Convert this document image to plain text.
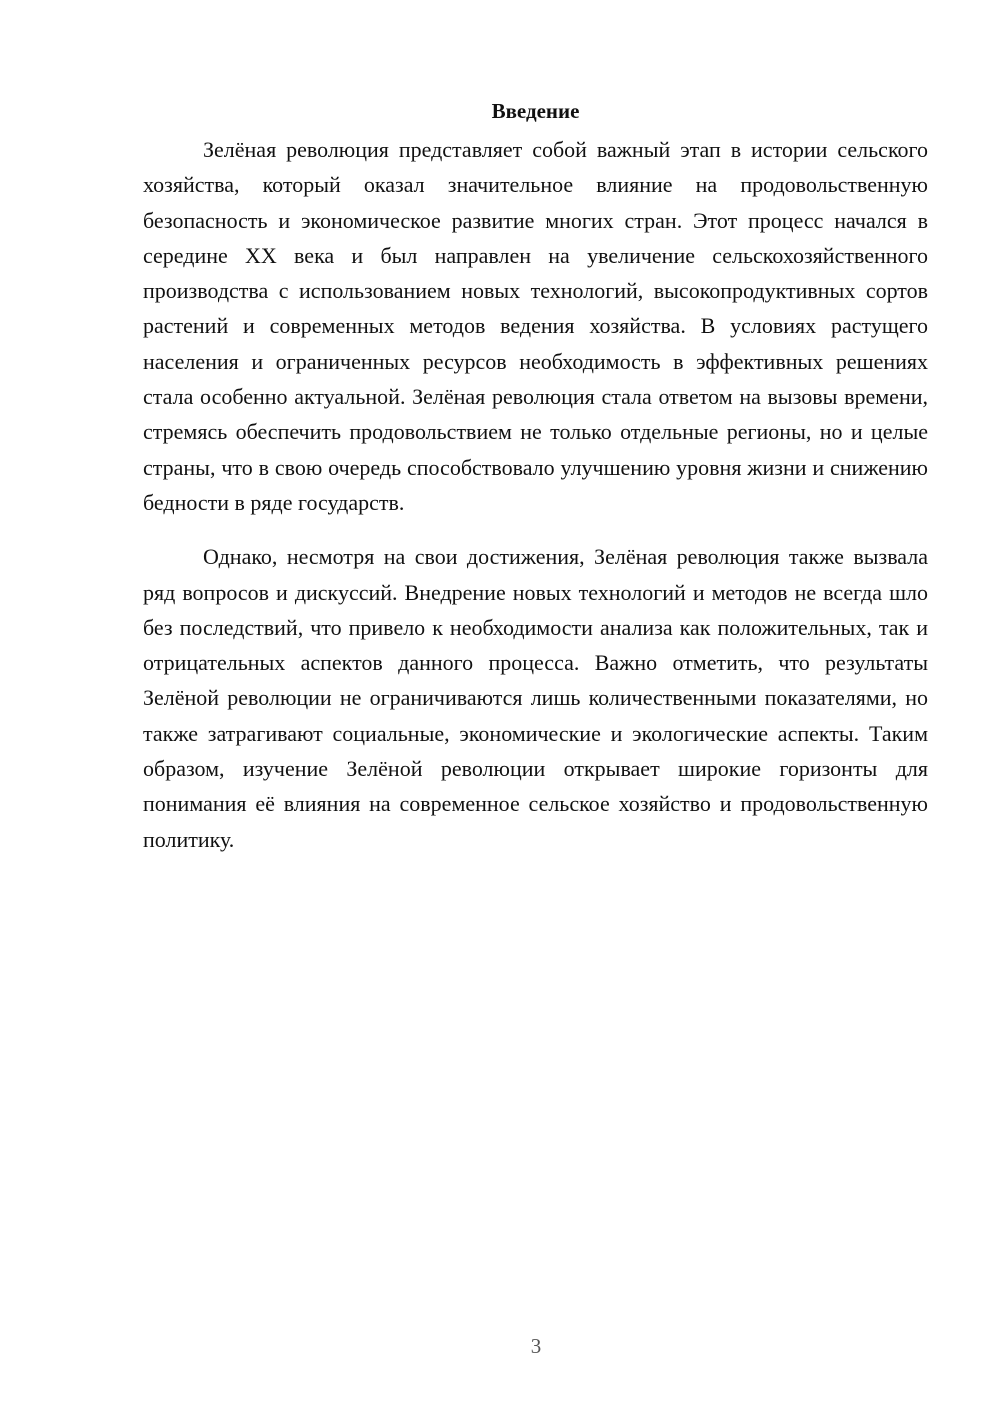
Введение

Зелёная революция представляет собой важный этап в истории сельского хозяйства, который оказал значительное влияние на продовольственную безопасность и экономическое развитие многих стран. Этот процесс начался в середине XX века и был направлен на увеличение сельскохозяйственного производства с использованием новых технологий, высокопродуктивных сортов растений и современных методов ведения хозяйства. В условиях растущего населения и ограниченных ресурсов необходимость в эффективных решениях стала особенно актуальной. Зелёная революция стала ответом на вызовы времени, стремясь обеспечить продовольствием не только отдельные регионы, но и целые страны, что в свою очередь способствовало улучшению уровня жизни и снижению бедности в ряде государств.

Однако, несмотря на свои достижения, Зелёная революция также вызвала ряд вопросов и дискуссий. Внедрение новых технологий и методов не всегда шло без последствий, что привело к необходимости анализа как положительных, так и отрицательных аспектов данного процесса. Важно отметить, что результаты Зелёной революции не ограничиваются лишь количественными показателями, но также затрагивают социальные, экономические и экологические аспекты. Таким образом, изучение Зелёной революции открывает широкие горизонты для понимания её влияния на современное сельское хозяйство и продовольственную политику.

3
